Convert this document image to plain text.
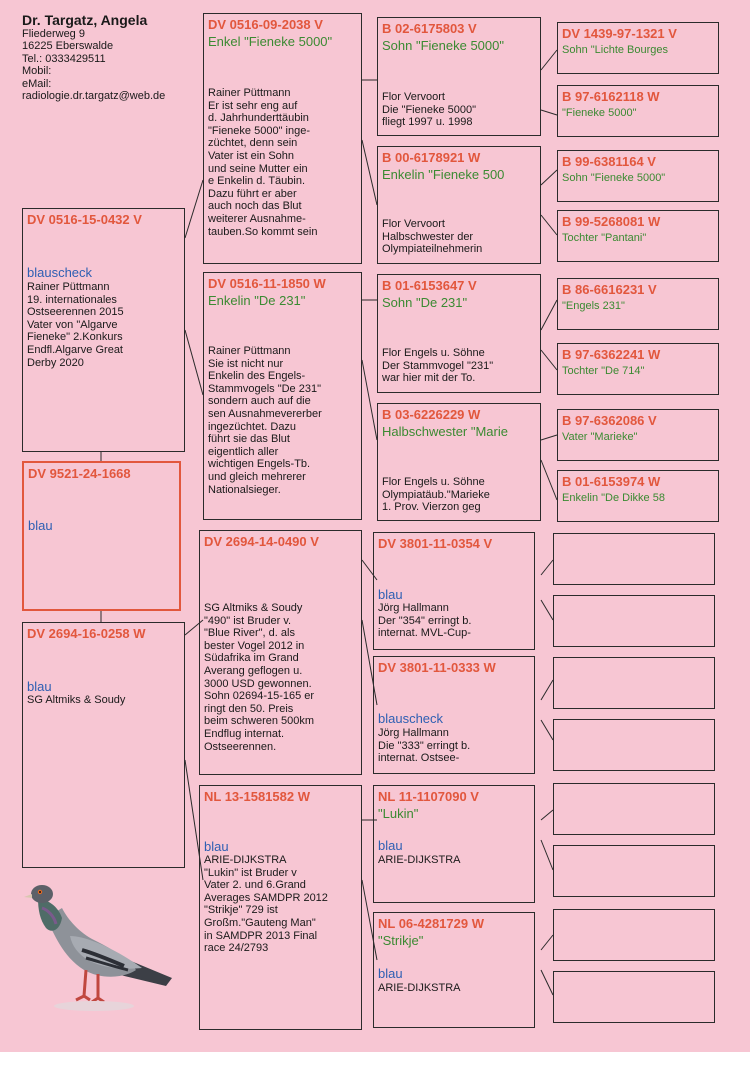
Dr. Targatz, Angela
Fliederweg 9
16225 Eberswalde
Tel.: 0333429511
Mobil:
eMail:
radiologie.dr.targatz@web.de
DV 0516-15-0432 V
blauscheck
Rainer Püttmann
19. internationales
Ostseerennen 2015
Vater von "Algarve
Fieneke" 2.Konkurs
Endfl.Algarve Great
Derby 2020
DV 9521-24-1668
blau
DV 2694-16-0258 W
blau
SG Altmiks & Soudy
DV 0516-09-2038 V
Enkel "Fieneke 5000"
Rainer Püttmann
Er ist sehr eng auf
d. Jahrhunderttäubin
"Fieneke 5000" inge-
züchtet, denn sein
Vater ist ein Sohn
und seine Mutter ein
e Enkelin d. Täubin.
Dazu führt er aber
auch noch das Blut
weiterer Ausnahme-
tauben.So kommt sein
DV 0516-11-1850 W
Enkelin "De 231"
Rainer Püttmann
Sie ist nicht nur
Enkelin des Engels-
Stammvogels "De 231"
sondern auch auf die
sen Ausnahmevererber
ingezüchtet. Dazu
führt sie das Blut
eigentlich aller
wichtigen Engels-Tb.
und gleich mehrerer
Nationalsieger.
DV 2694-14-0490 V
SG Altmiks & Soudy
"490" ist Bruder v.
"Blue River", d. als
bester Vogel 2012 in
Südafrika im Grand
Averang geflogen u.
3000 USD gewonnen.
Sohn 02694-15-165 er
ringt den 50. Preis
beim schweren 500km
Endflug internat.
Ostseerennen.
NL 13-1581582 W
blau
ARIE-DIJKSTRA
"Lukin" ist Bruder v
Vater 2. und 6.Grand
Averages SAMDPR 2012
"Strikje" 729 ist
Großm."Gauteng Man"
in SAMDPR 2013 Final
race 24/2793
B 02-6175803 V
Sohn "Fieneke 5000"
Flor Vervoort
Die "Fieneke 5000"
fliegt 1997 u. 1998
B 00-6178921 W
Enkelin "Fieneke 500
Flor Vervoort
Halbschwester der
Olympiateilnehmerin
B 01-6153647 V
Sohn "De 231"
Flor Engels u. Söhne
Der Stammvogel "231"
war hier mit der To.
B 03-6226229 W
Halbschwester "Marie
Flor Engels u. Söhne
Olympiatäub."Marieke
1. Prov. Vierzon geg
DV 3801-11-0354 V
blau
Jörg Hallmann
Der "354" erringt b.
internat. MVL-Cup-
DV 3801-11-0333 W
blauscheck
Jörg Hallmann
Die "333" erringt b.
internat. Ostsee-
NL 11-1107090 V
"Lukin"
blau
ARIE-DIJKSTRA
NL 06-4281729 W
"Strikje"
blau
ARIE-DIJKSTRA
DV 1439-97-1321 V
Sohn "Lichte Bourges
B 97-6162118 W
"Fieneke 5000"
B 99-6381164 V
Sohn "Fieneke 5000"
B 99-5268081 W
Tochter "Pantani"
B 86-6616231 V
"Engels 231"
B 97-6362241 W
Tochter "De 714"
B 97-6362086 V
Vater "Marieke"
B 01-6153974 W
Enkelin "De Dikke 58
